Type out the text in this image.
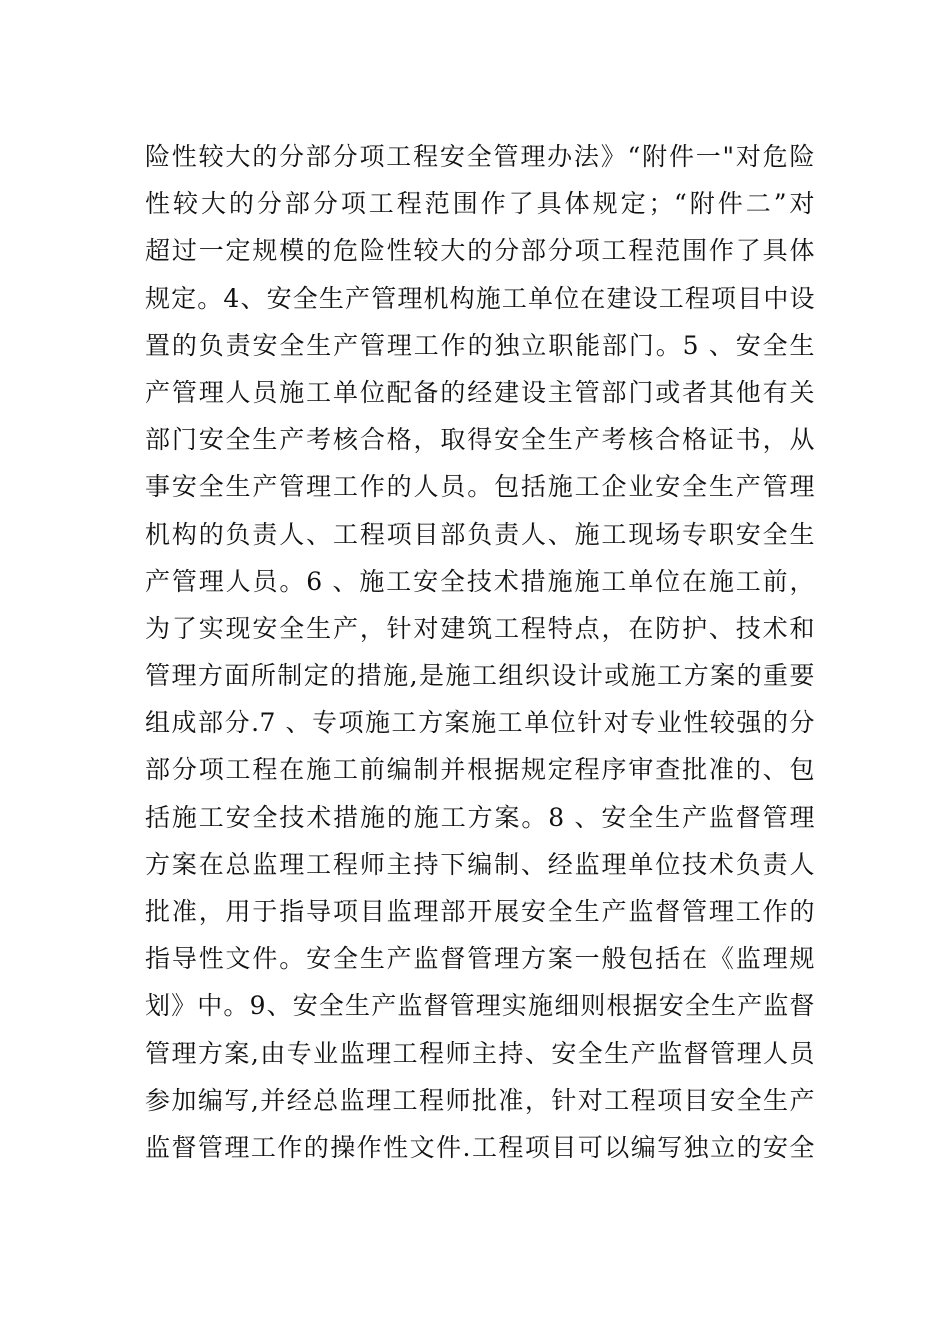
险性较大的分部分项工程安全管理办法》“附件一"对危险
性较大的分部分项工程范围作了具体规定；“附件二”对
超过一定规模的危险性较大的分部分项工程范围作了具体
规定。4、安全生产管理机构施工单位在建设工程项目中设
置的负责安全生产管理工作的独立职能部门。5 、安全生
产管理人员施工单位配备的经建设主管部门或者其他有关
部门安全生产考核合格，取得安全生产考核合格证书，从
事安全生产管理工作的人员。包括施工企业安全生产管理
机构的负责人、工程项目部负责人、施工现场专职安全生
产管理人员。6 、施工安全技术措施施工单位在施工前，
为了实现安全生产，针对建筑工程特点，在防护、技术和
管理方面所制定的措施,是施工组织设计或施工方案的重要
组成部分.7 、专项施工方案施工单位针对专业性较强的分
部分项工程在施工前编制并根据规定程序审查批准的、包
括施工安全技术措施的施工方案。8 、安全生产监督管理
方案在总监理工程师主持下编制、经监理单位技术负责人
批准，用于指导项目监理部开展安全生产监督管理工作的
指导性文件。安全生产监督管理方案一般包括在《监理规
划》中。9、安全生产监督管理实施细则根据安全生产监督
管理方案,由专业监理工程师主持、安全生产监督管理人员
参加编写,并经总监理工程师批准，针对工程项目安全生产
监督管理工作的操作性文件.工程项目可以编写独立的安全
